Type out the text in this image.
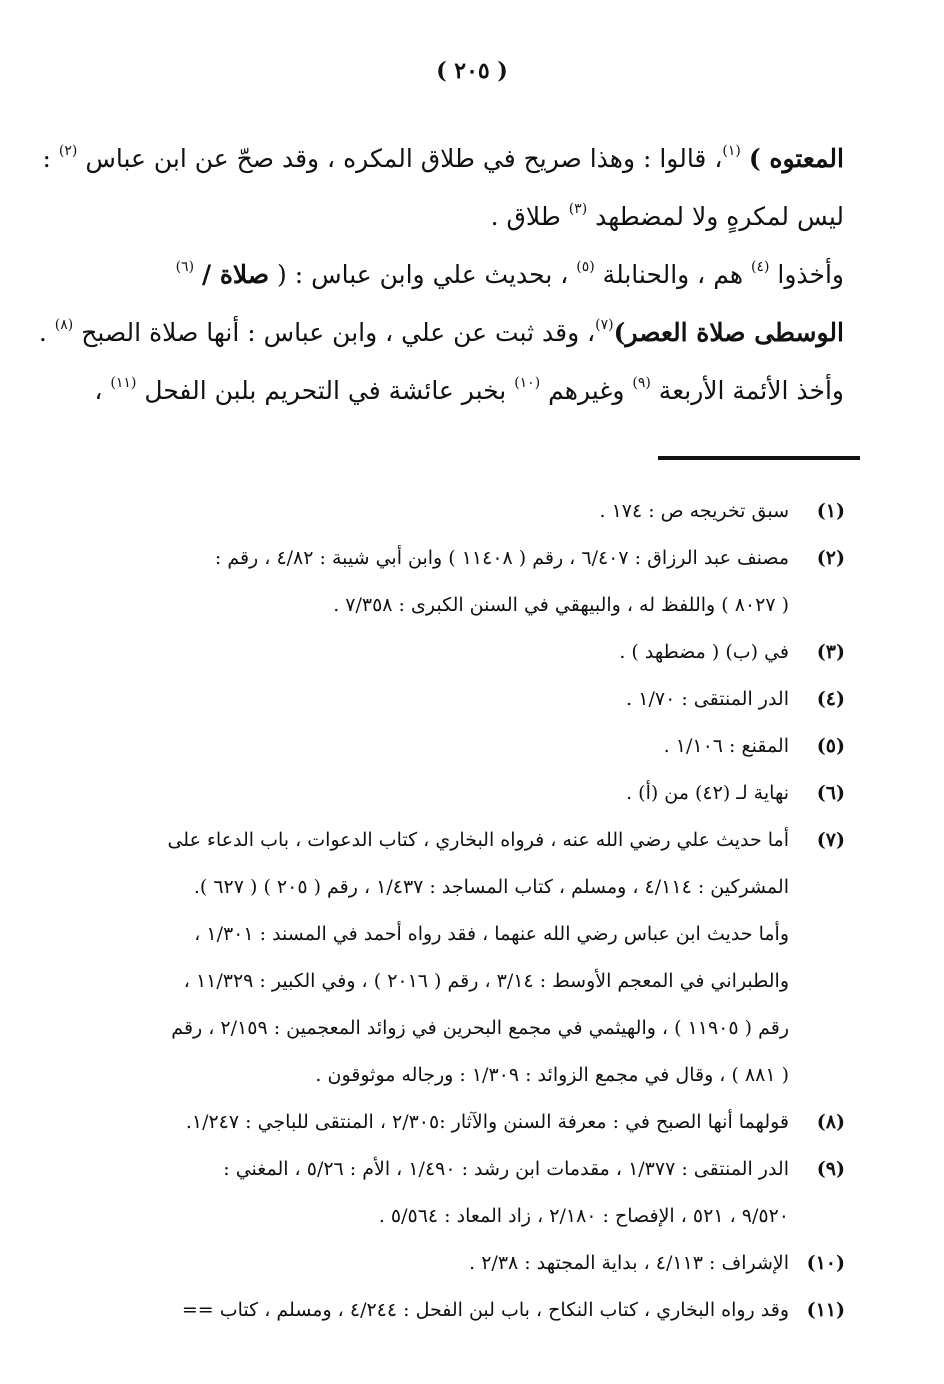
( ٢٠٥ )
المعتوه ) $^{(١)}$، قالوا : وهذا صريح في طلاق المكره ، وقد صحّ عن ابن عباس $^{(٢)}$ :
ليس لمكرهٍ ولا لمضطهد $^{(٣)}$ طلاق .
وأخذوا $^{(٤)}$ هم ، والحنابلة $^{(٥)}$ ، بحديث علي وابن عباس : ( صلاة / $^{(٦)}$
الوسطى صلاة العصر)$^{(٧)}$، وقد ثبت عن علي ، وابن عباس : أنها صلاة الصبح $^{(٨)}$ .
وأخذ الأئمة الأربعة $^{(٩)}$ وغيرهم $^{(١٠)}$ بخبر عائشة في التحريم بلبن الفحل $^{(١١)}$ ،
(١)
سبق تخريجه ص : ١٧٤ .
(٢)
مصنف عبد الرزاق : ٦/٤٠٧ ، رقم ( ١١٤٠٨ ) وابن أبي شيبة : ٤/٨٢ ، رقم :
( ٨٠٢٧ ) واللفظ له ، والبيهقي في السنن الكبرى : ٧/٣٥٨ .
(٣)
في (ب) ( مضطهد ) .
(٤)
الدر المنتقى : ١/٧٠ .
(٥)
المقنع : ١/١٠٦ .
(٦)
نهاية لـ (٤٢) من (أ) .
(٧)
أما حديث علي رضي الله عنه ، فرواه البخاري ، كتاب الدعوات ، باب الدعاء على
المشركين : ٤/١١٤ ، ومسلم ، كتاب المساجد : ١/٤٣٧ ، رقم ( ٢٠٥ ) ( ٦٢٧ ).
وأما حديث ابن عباس رضي الله عنهما ، فقد رواه أحمد في المسند : ١/٣٠١ ،
والطبراني في المعجم الأوسط : ٣/١٤ ، رقم ( ٢٠١٦ ) ، وفي الكبير : ١١/٣٢٩ ،
رقم ( ١١٩٠٥ ) ، والهيثمي في مجمع البحرين في زوائد المعجمين : ٢/١٥٩ ، رقم
( ٨٨١ ) ، وقال في مجمع الزوائد : ١/٣٠٩ : ورجاله موثوقون .
(٨)
قولهما أنها الصبح في : معرفة السنن والآثار :٢/٣٠٥ ، المنتقى للباجي : ١/٢٤٧.
(٩)
الدر المنتقى : ١/٣٧٧ ، مقدمات ابن رشد : ١/٤٩٠ ، الأم : ٥/٢٦ ، المغني :
٩/٥٢٠ ، ٥٢١ ، الإفصاح : ٢/١٨٠ ، زاد المعاد : ٥/٥٦٤ .
(١٠)
الإشراف : ٤/١١٣ ، بداية المجتهد : ٢/٣٨ .
(١١)
وقد رواه البخاري ، كتاب النكاح ، باب لبن الفحل : ٤/٢٤٤ ، ومسلم ، كتاب ==
